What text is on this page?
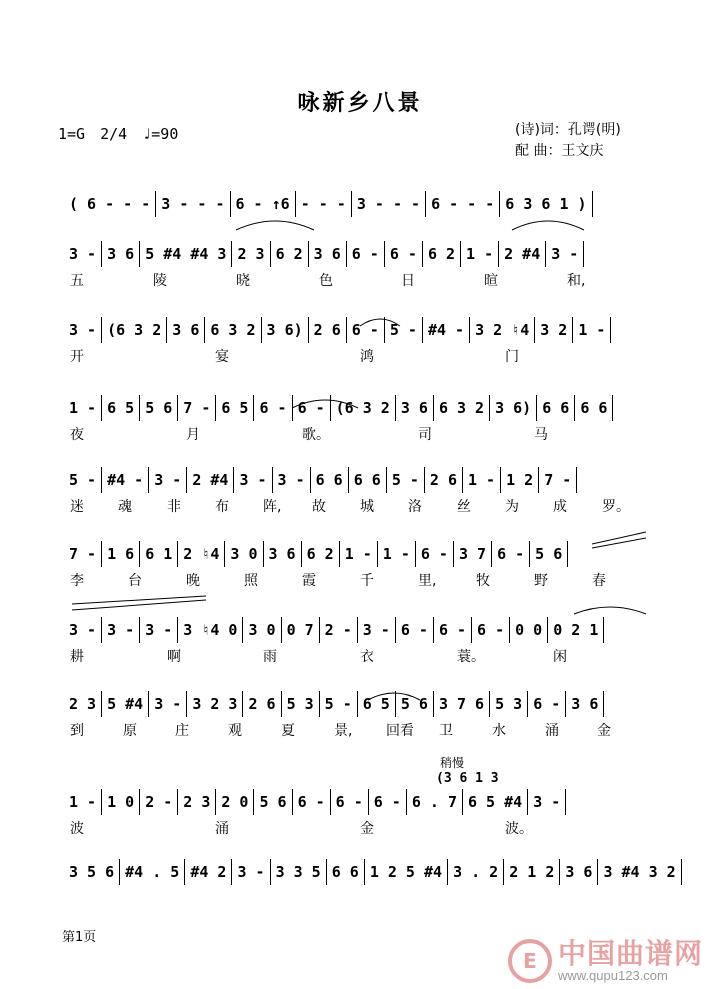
咏新乡八景
1=G 2/4 ♩=90	(诗)词：孔谔(明)
配 曲：王文庆
( 6 - - - 3 - - - 6 - ↑6 - - - 3 - - - 6 - - - 6 3 6 1 )
3 - 3 6 5 #4 #4 3 2 3 6 2 3 6 6 - 6 - 6 2 1 - 2 #4 3 -
五	陵	晓	色	日	暄	和,
3 - (6 3 2 3 6 6 3 2 3 6) 2 6 6 - 5 - #4 - 3 2 ♮4 3 2 1 -
开	宴	鸿	门
1 - 6 5 5 6 7 - 6 5 6 - 6 - (6 3 2 3 6 6 3 2 3 6) 6 6 6 6
夜	月	歌。	司	马
5 - #4 - 3 - 2 #4 3 - 3 - 6 6 6 6 5 - 2 6 1 - 1 2 7 -
迷 魂	非 布 阵, 故 城 洛	丝 为 成	罗。
7 - 1 6 6 1 2 ♮4 3 0 3 6 6 2 1 - 1 - 6 - 3 7 6 - 5 6
李	台	晚	照	霞	千	里,	牧	野	春
3 - 3 - 3 - 3 ♮4 0 3 0 0 7 2 - 3 - 6 - 6 - 6 - 0 0 0 2 1
耕	啊	雨	衣	蓑。	闲
2 3 5 #4 3 - 3 2 3 2 6 5 3 5 - 6 5 5 6 3 7 6 5 3 6 - 3 6
到	原	庄	观	夏	景, 回看 卫	水	涌	金
1 - 1 0 2 - 2 3 2 0 5 6 6 - 6 - 6 - 6 . 7 6 5 #4 3 -
波	涌	金	波。
3 5 6 #4 . 5 #4 2 3 - 3 3 5 6 6 1 2 5 #4 3 . 2 2 1 2 3 6 3 #4 3 2
稍慢
(3 6 1 3
第1页
E 中国曲谱网
www.qupu123.com
